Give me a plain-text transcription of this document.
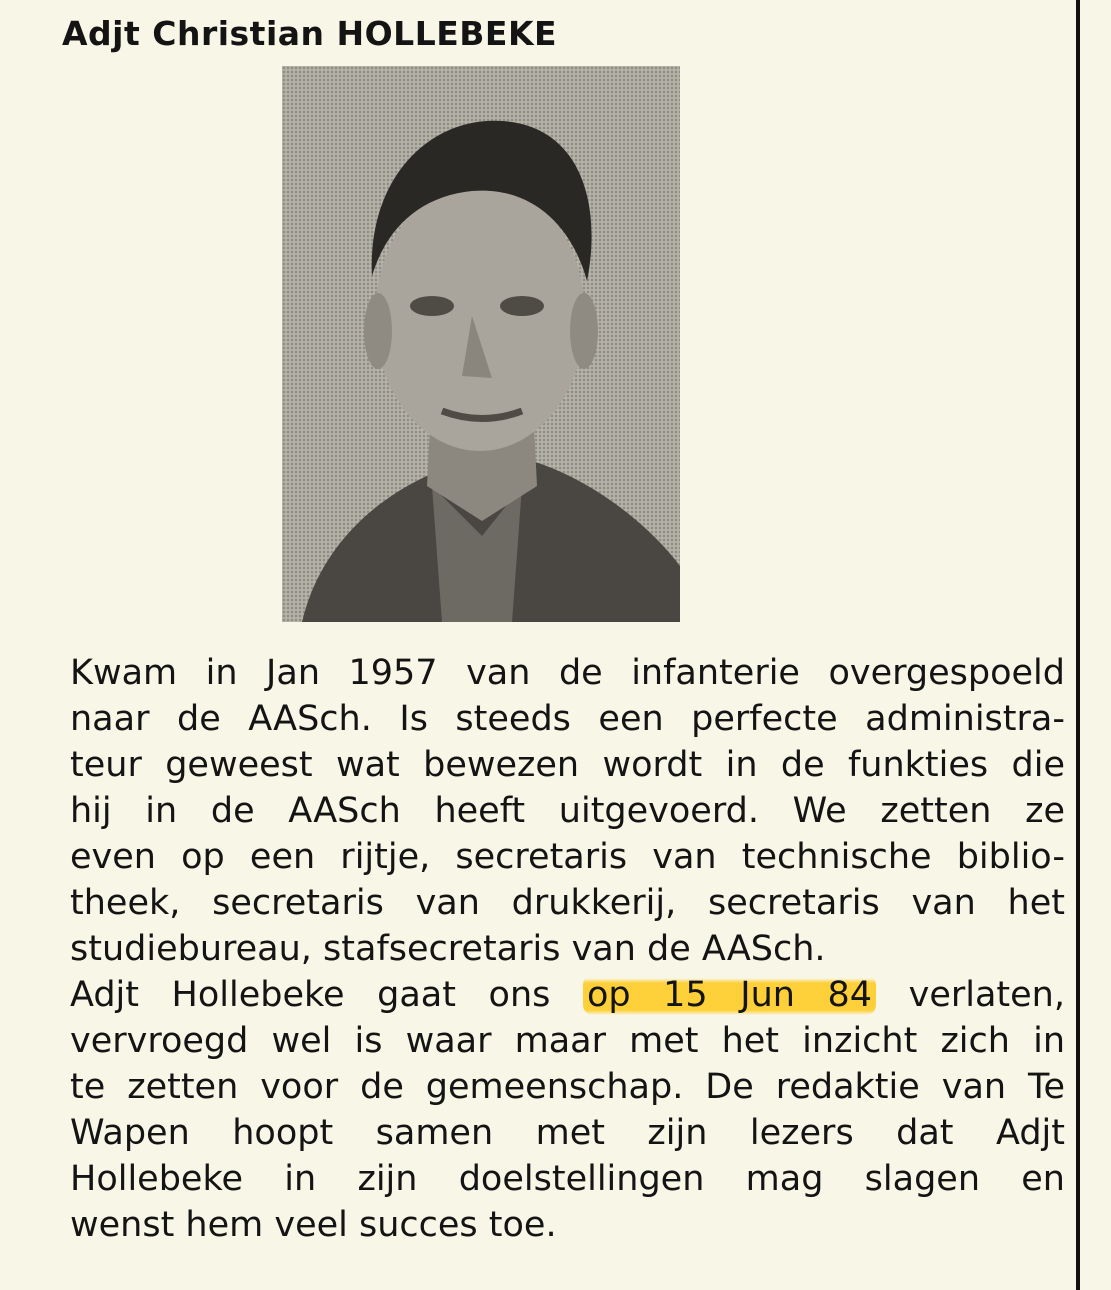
Adjt Christian HOLLEBEKE
Kwam in Jan 1957 van de infanterie overgespoeld
naar de AASch. Is steeds een perfecte administra-
teur geweest wat bewezen wordt in de funkties die
hij in de AASch heeft uitgevoerd. We zetten ze
even op een rijtje, secretaris van technische biblio-
theek, secretaris van drukkerij, secretaris van het
studiebureau, stafsecretaris van de AASch.
Adjt Hollebeke gaat ons op 15 Jun 84 verlaten,
vervroegd wel is waar maar met het inzicht zich in
te zetten voor de gemeenschap. De redaktie van Te
Wapen hoopt samen met zijn lezers dat Adjt
Hollebeke in zijn doelstellingen mag slagen en
wenst hem veel succes toe.
